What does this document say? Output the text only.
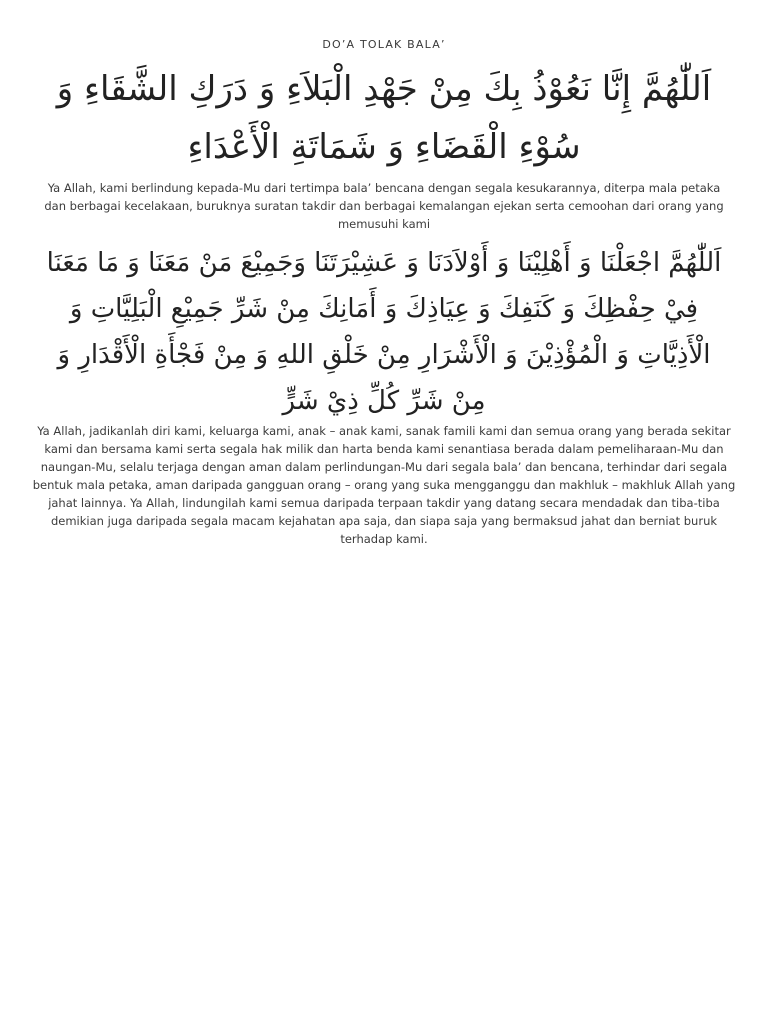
DO’A TOLAK BALA’
اَللّٰهُمَّ إِنَّا نَعُوْذُ بِكَ مِنْ جَهْدِ الْبَلاَءِ وَ دَرَكِ الشَّقَاءِ وَ سُوْءِ الْقَضَاءِ وَ شَمَاتَةِ الْأَعْدَاءِ
Ya Allah, kami berlindung kepada-Mu dari tertimpa bala’ bencana dengan segala kesukarannya, diterpa mala petaka dan berbagai kecelakaan, buruknya suratan takdir dan berbagai kemalangan ejekan serta cemoohan dari orang yang memusuhi kami
اَللّٰهُمَّ اجْعَلْنَا وَ أَهْلِيْنَا وَ أَوْلاَدَنَا وَ عَشِيْرَتَنَا وَجَمِيْعَ مَنْ مَعَنَا وَ مَا مَعَنَا فِيْ حِفْظِكَ وَ كَنَفِكَ وَ عِيَاذِكَ وَ أَمَانِكَ مِنْ شَرِّ جَمِيْعِ الْبَلِيَّاتِ وَ الْأَذِيَّاتِ وَ الْمُؤْذِيْنَ وَ الْأَشْرَارِ مِنْ خَلْقِ اللهِ وَ مِنْ فَجْأَةِ الْأَقْدَارِ وَ مِنْ شَرِّ كُلِّ ذِيْ شَرٍّ
Ya Allah, jadikanlah diri kami, keluarga kami, anak – anak kami, sanak famili kami dan semua orang yang berada sekitar kami dan bersama kami serta segala hak milik dan harta benda kami senantiasa berada dalam pemeliharaan-Mu dan naungan-Mu, selalu terjaga dengan aman dalam perlindungan-Mu dari segala bala’ dan bencana, terhindar dari segala bentuk mala petaka, aman daripada gangguan orang – orang yang suka mengganggu dan makhluk – makhluk Allah yang jahat lainnya. Ya Allah, lindungilah kami semua daripada terpaan takdir yang datang secara mendadak dan tiba-tiba demikian juga daripada segala macam kejahatan apa saja, dan siapa saja yang bermaksud jahat dan berniat buruk terhadap kami.
